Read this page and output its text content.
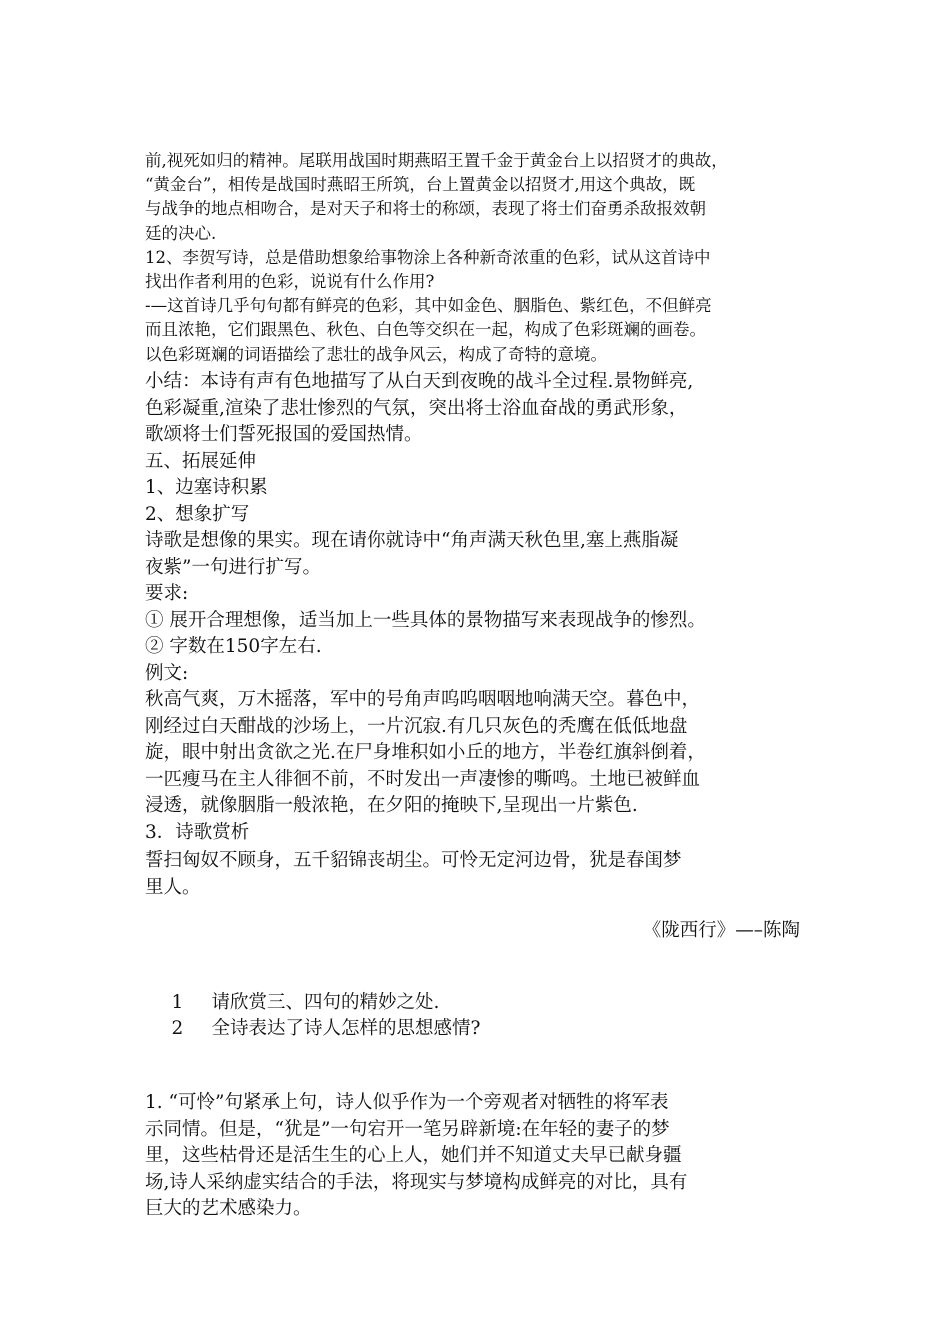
前,视死如归的精神。尾联用战国时期燕昭王置千金于黄金台上以招贤才的典故，
“黄金台”，相传是战国时燕昭王所筑，台上置黄金以招贤才,用这个典故，既
与战争的地点相吻合，是对天子和将士的称颂，表现了将士们奋勇杀敌报效朝
廷的决心.
12、李贺写诗，总是借助想象给事物涂上各种新奇浓重的色彩，试从这首诗中
找出作者利用的色彩，说说有什么作用?
-—这首诗几乎句句都有鲜亮的色彩，其中如金色、胭脂色、紫红色，不但鲜亮
而且浓艳，它们跟黑色、秋色、白色等交织在一起，构成了色彩斑斓的画卷。
以色彩斑斓的词语描绘了悲壮的战争风云，构成了奇特的意境。
小结：本诗有声有色地描写了从白天到夜晚的战斗全过程.景物鲜亮,
色彩凝重,渲染了悲壮惨烈的气氛，突出将士浴血奋战的勇武形象，
歌颂将士们誓死报国的爱国热情。
五、拓展延伸
1、边塞诗积累
2、想象扩写
诗歌是想像的果实。现在请你就诗中“角声满天秋色里,塞上燕脂凝
夜紫”一句进行扩写。
要求:
① 展开合理想像，适当加上一些具体的景物描写来表现战争的惨烈。
② 字数在150字左右.
例文:
秋高气爽，万木摇落，军中的号角声呜呜咽咽地响满天空。暮色中，
刚经过白天酣战的沙场上，一片沉寂.有几只灰色的秃鹰在低低地盘
旋，眼中射出贪欲之光.在尸身堆积如小丘的地方，半卷红旗斜倒着，
一匹瘦马在主人徘徊不前，不时发出一声凄惨的嘶鸣。土地已被鲜血
浸透，就像胭脂一般浓艳，在夕阳的掩映下,呈现出一片紫色.
3．诗歌赏析
誓扫匈奴不顾身，五千貂锦丧胡尘。可怜无定河边骨，犹是春闺梦
里人。
《陇西行》—–陈陶

1 请欣赏三、四句的精妙之处.

2 全诗表达了诗人怎样的思想感情?

1. “可怜”句紧承上句，诗人似乎作为一个旁观者对牺牲的将军表
示同情。但是，“犹是”一句宕开一笔另辟新境:在年轻的妻子的梦
里，这些枯骨还是活生生的心上人，她们并不知道丈夫早已献身疆
场,诗人采纳虚实结合的手法，将现实与梦境构成鲜亮的对比，具有
巨大的艺术感染力。
